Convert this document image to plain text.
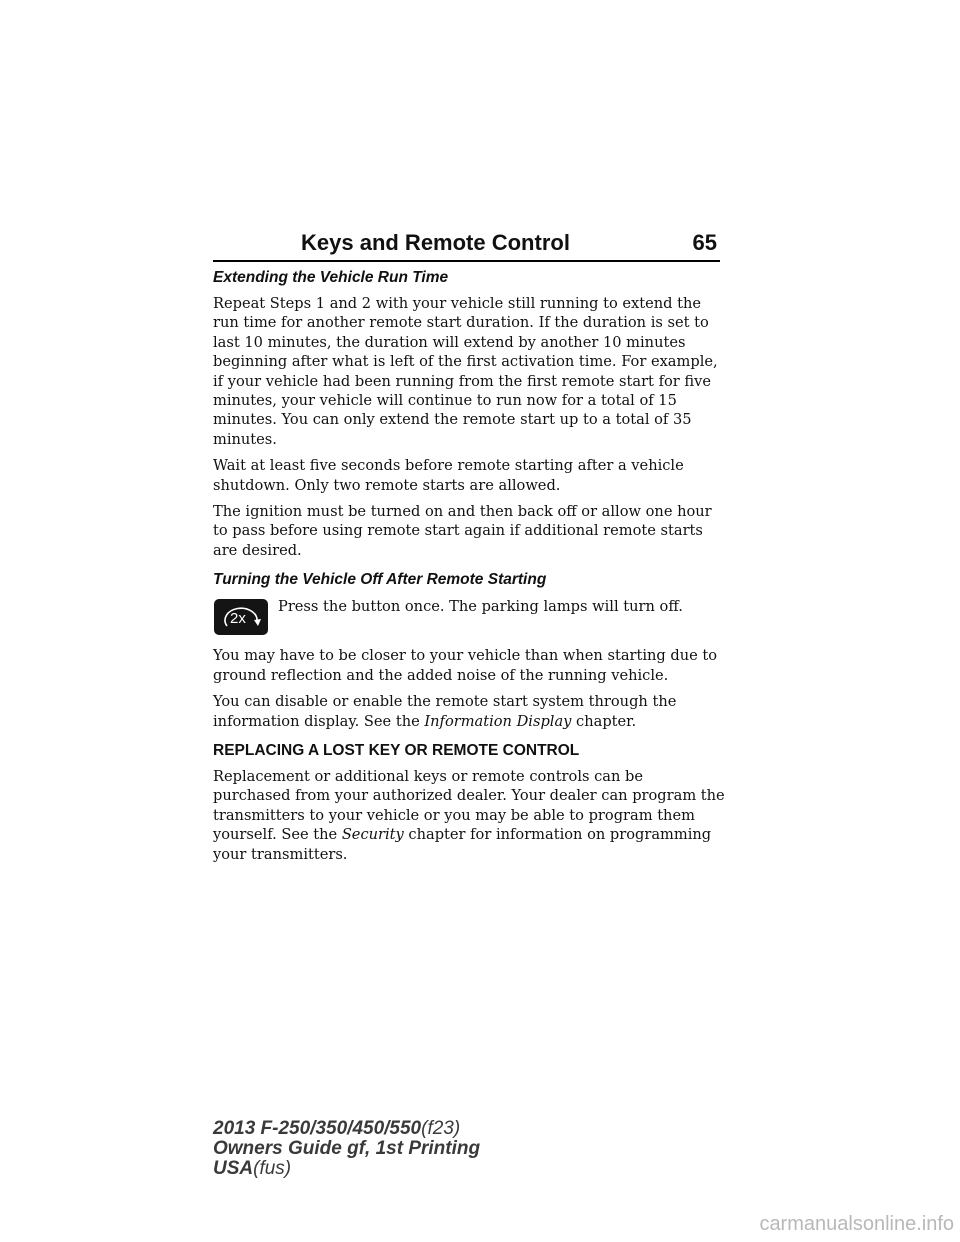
Keys and Remote Control	65
Extending the Vehicle Run Time

Repeat Steps 1 and 2 with your vehicle still running to extend the run time for another remote start duration. If the duration is set to last 10 minutes, the duration will extend by another 10 minutes beginning after what is left of the first activation time. For example, if your vehicle had been running from the first remote start for five minutes, your vehicle will continue to run now for a total of 15 minutes. You can only extend the remote start up to a total of 35 minutes.

Wait at least five seconds before remote starting after a vehicle shutdown. Only two remote starts are allowed.

The ignition must be turned on and then back off or allow one hour to pass before using remote start again if additional remote starts are desired.

Turning the Vehicle Off After Remote Starting
2x
Press the button once. The parking lamps will turn off.

You may have to be closer to your vehicle than when starting due to ground reflection and the added noise of the running vehicle.

You can disable or enable the remote start system through the information display. See the Information Display chapter.

REPLACING A LOST KEY OR REMOTE CONTROL

Replacement or additional keys or remote controls can be purchased from your authorized dealer. Your dealer can program the transmitters to your vehicle or you may be able to program them yourself. See the Security chapter for information on programming your transmitters.

2013 F-250/350/450/550(f23)
Owners Guide gf, 1st Printing
USA(fus)
carmanualsonline.info
